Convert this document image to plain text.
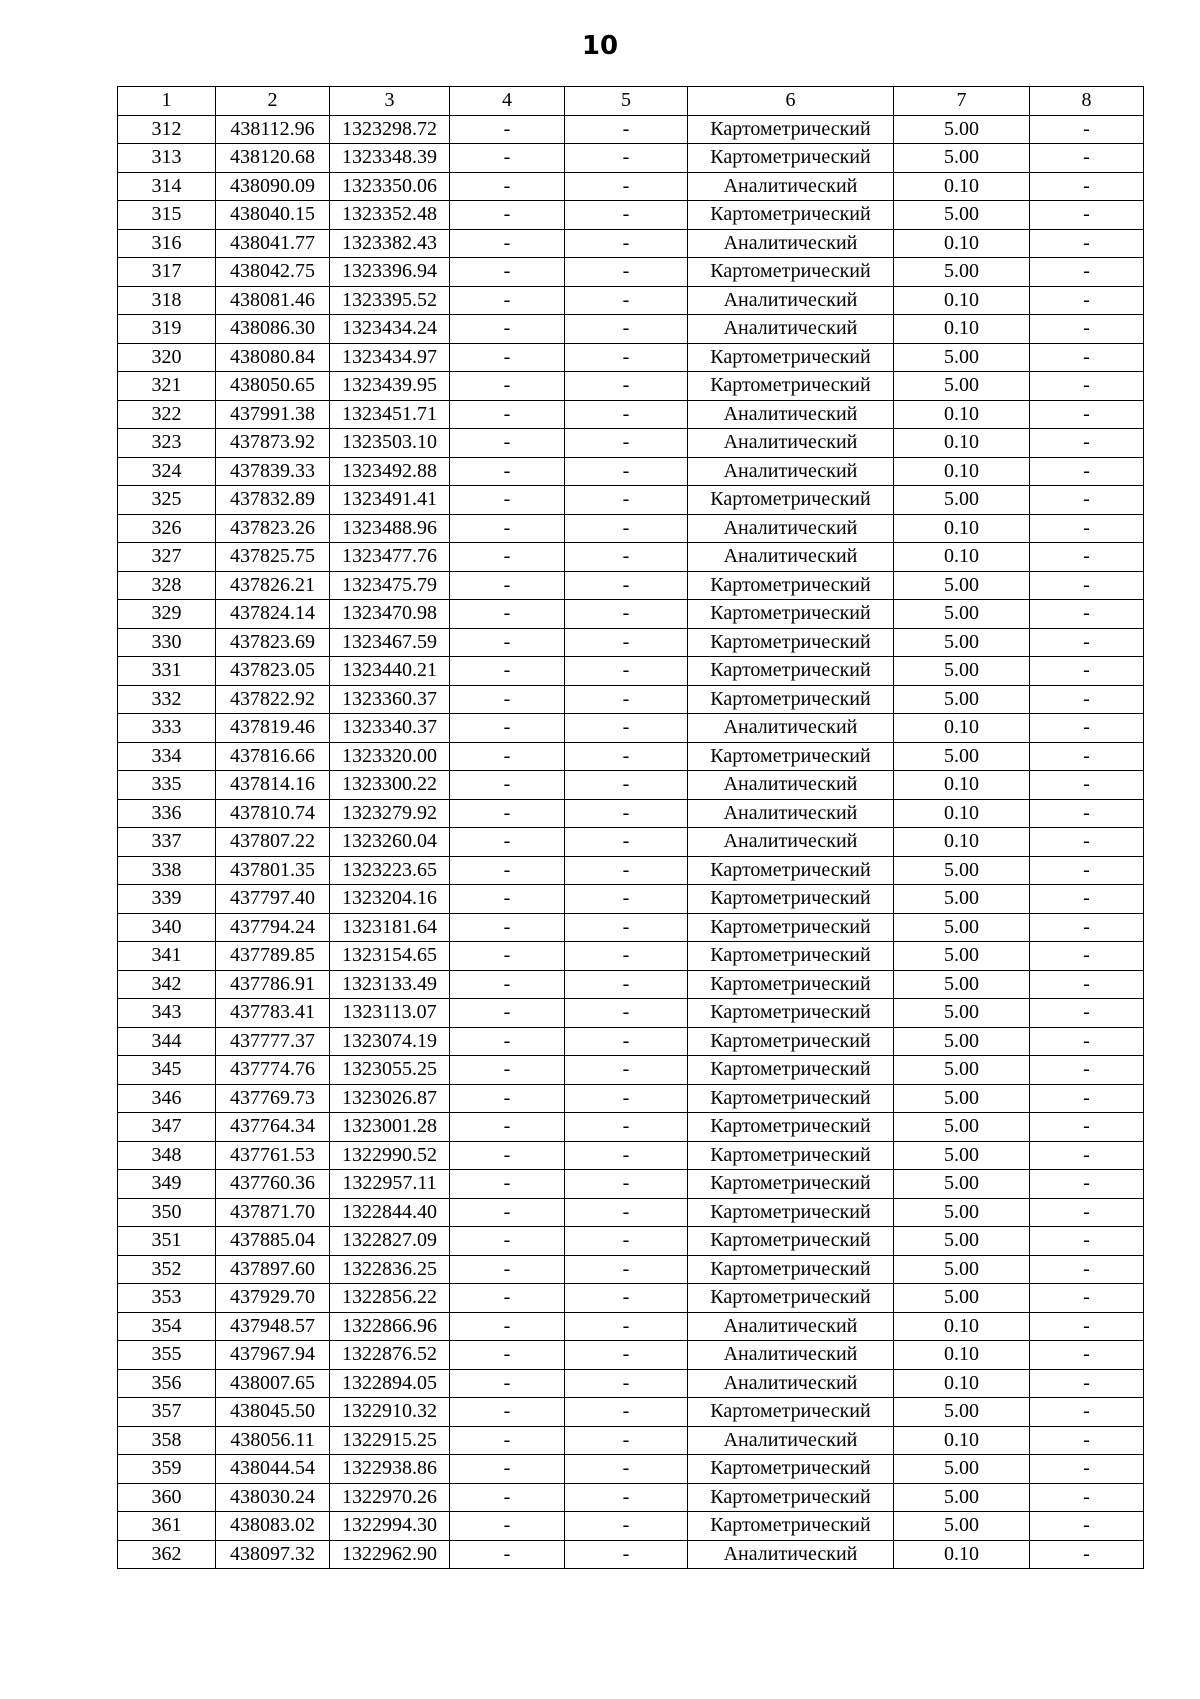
10
1	2	3	4	5	6	7	8
312	438112.96	1323298.72	-	-	Картометрический	5.00	-
313	438120.68	1323348.39	-	-	Картометрический	5.00	-
314	438090.09	1323350.06	-	-	Аналитический	0.10	-
315	438040.15	1323352.48	-	-	Картометрический	5.00	-
316	438041.77	1323382.43	-	-	Аналитический	0.10	-
317	438042.75	1323396.94	-	-	Картометрический	5.00	-
318	438081.46	1323395.52	-	-	Аналитический	0.10	-
319	438086.30	1323434.24	-	-	Аналитический	0.10	-
320	438080.84	1323434.97	-	-	Картометрический	5.00	-
321	438050.65	1323439.95	-	-	Картометрический	5.00	-
322	437991.38	1323451.71	-	-	Аналитический	0.10	-
323	437873.92	1323503.10	-	-	Аналитический	0.10	-
324	437839.33	1323492.88	-	-	Аналитический	0.10	-
325	437832.89	1323491.41	-	-	Картометрический	5.00	-
326	437823.26	1323488.96	-	-	Аналитический	0.10	-
327	437825.75	1323477.76	-	-	Аналитический	0.10	-
328	437826.21	1323475.79	-	-	Картометрический	5.00	-
329	437824.14	1323470.98	-	-	Картометрический	5.00	-
330	437823.69	1323467.59	-	-	Картометрический	5.00	-
331	437823.05	1323440.21	-	-	Картометрический	5.00	-
332	437822.92	1323360.37	-	-	Картометрический	5.00	-
333	437819.46	1323340.37	-	-	Аналитический	0.10	-
334	437816.66	1323320.00	-	-	Картометрический	5.00	-
335	437814.16	1323300.22	-	-	Аналитический	0.10	-
336	437810.74	1323279.92	-	-	Аналитический	0.10	-
337	437807.22	1323260.04	-	-	Аналитический	0.10	-
338	437801.35	1323223.65	-	-	Картометрический	5.00	-
339	437797.40	1323204.16	-	-	Картометрический	5.00	-
340	437794.24	1323181.64	-	-	Картометрический	5.00	-
341	437789.85	1323154.65	-	-	Картометрический	5.00	-
342	437786.91	1323133.49	-	-	Картометрический	5.00	-
343	437783.41	1323113.07	-	-	Картометрический	5.00	-
344	437777.37	1323074.19	-	-	Картометрический	5.00	-
345	437774.76	1323055.25	-	-	Картометрический	5.00	-
346	437769.73	1323026.87	-	-	Картометрический	5.00	-
347	437764.34	1323001.28	-	-	Картометрический	5.00	-
348	437761.53	1322990.52	-	-	Картометрический	5.00	-
349	437760.36	1322957.11	-	-	Картометрический	5.00	-
350	437871.70	1322844.40	-	-	Картометрический	5.00	-
351	437885.04	1322827.09	-	-	Картометрический	5.00	-
352	437897.60	1322836.25	-	-	Картометрический	5.00	-
353	437929.70	1322856.22	-	-	Картометрический	5.00	-
354	437948.57	1322866.96	-	-	Аналитический	0.10	-
355	437967.94	1322876.52	-	-	Аналитический	0.10	-
356	438007.65	1322894.05	-	-	Аналитический	0.10	-
357	438045.50	1322910.32	-	-	Картометрический	5.00	-
358	438056.11	1322915.25	-	-	Аналитический	0.10	-
359	438044.54	1322938.86	-	-	Картометрический	5.00	-
360	438030.24	1322970.26	-	-	Картометрический	5.00	-
361	438083.02	1322994.30	-	-	Картометрический	5.00	-
362	438097.32	1322962.90	-	-	Аналитический	0.10	-
